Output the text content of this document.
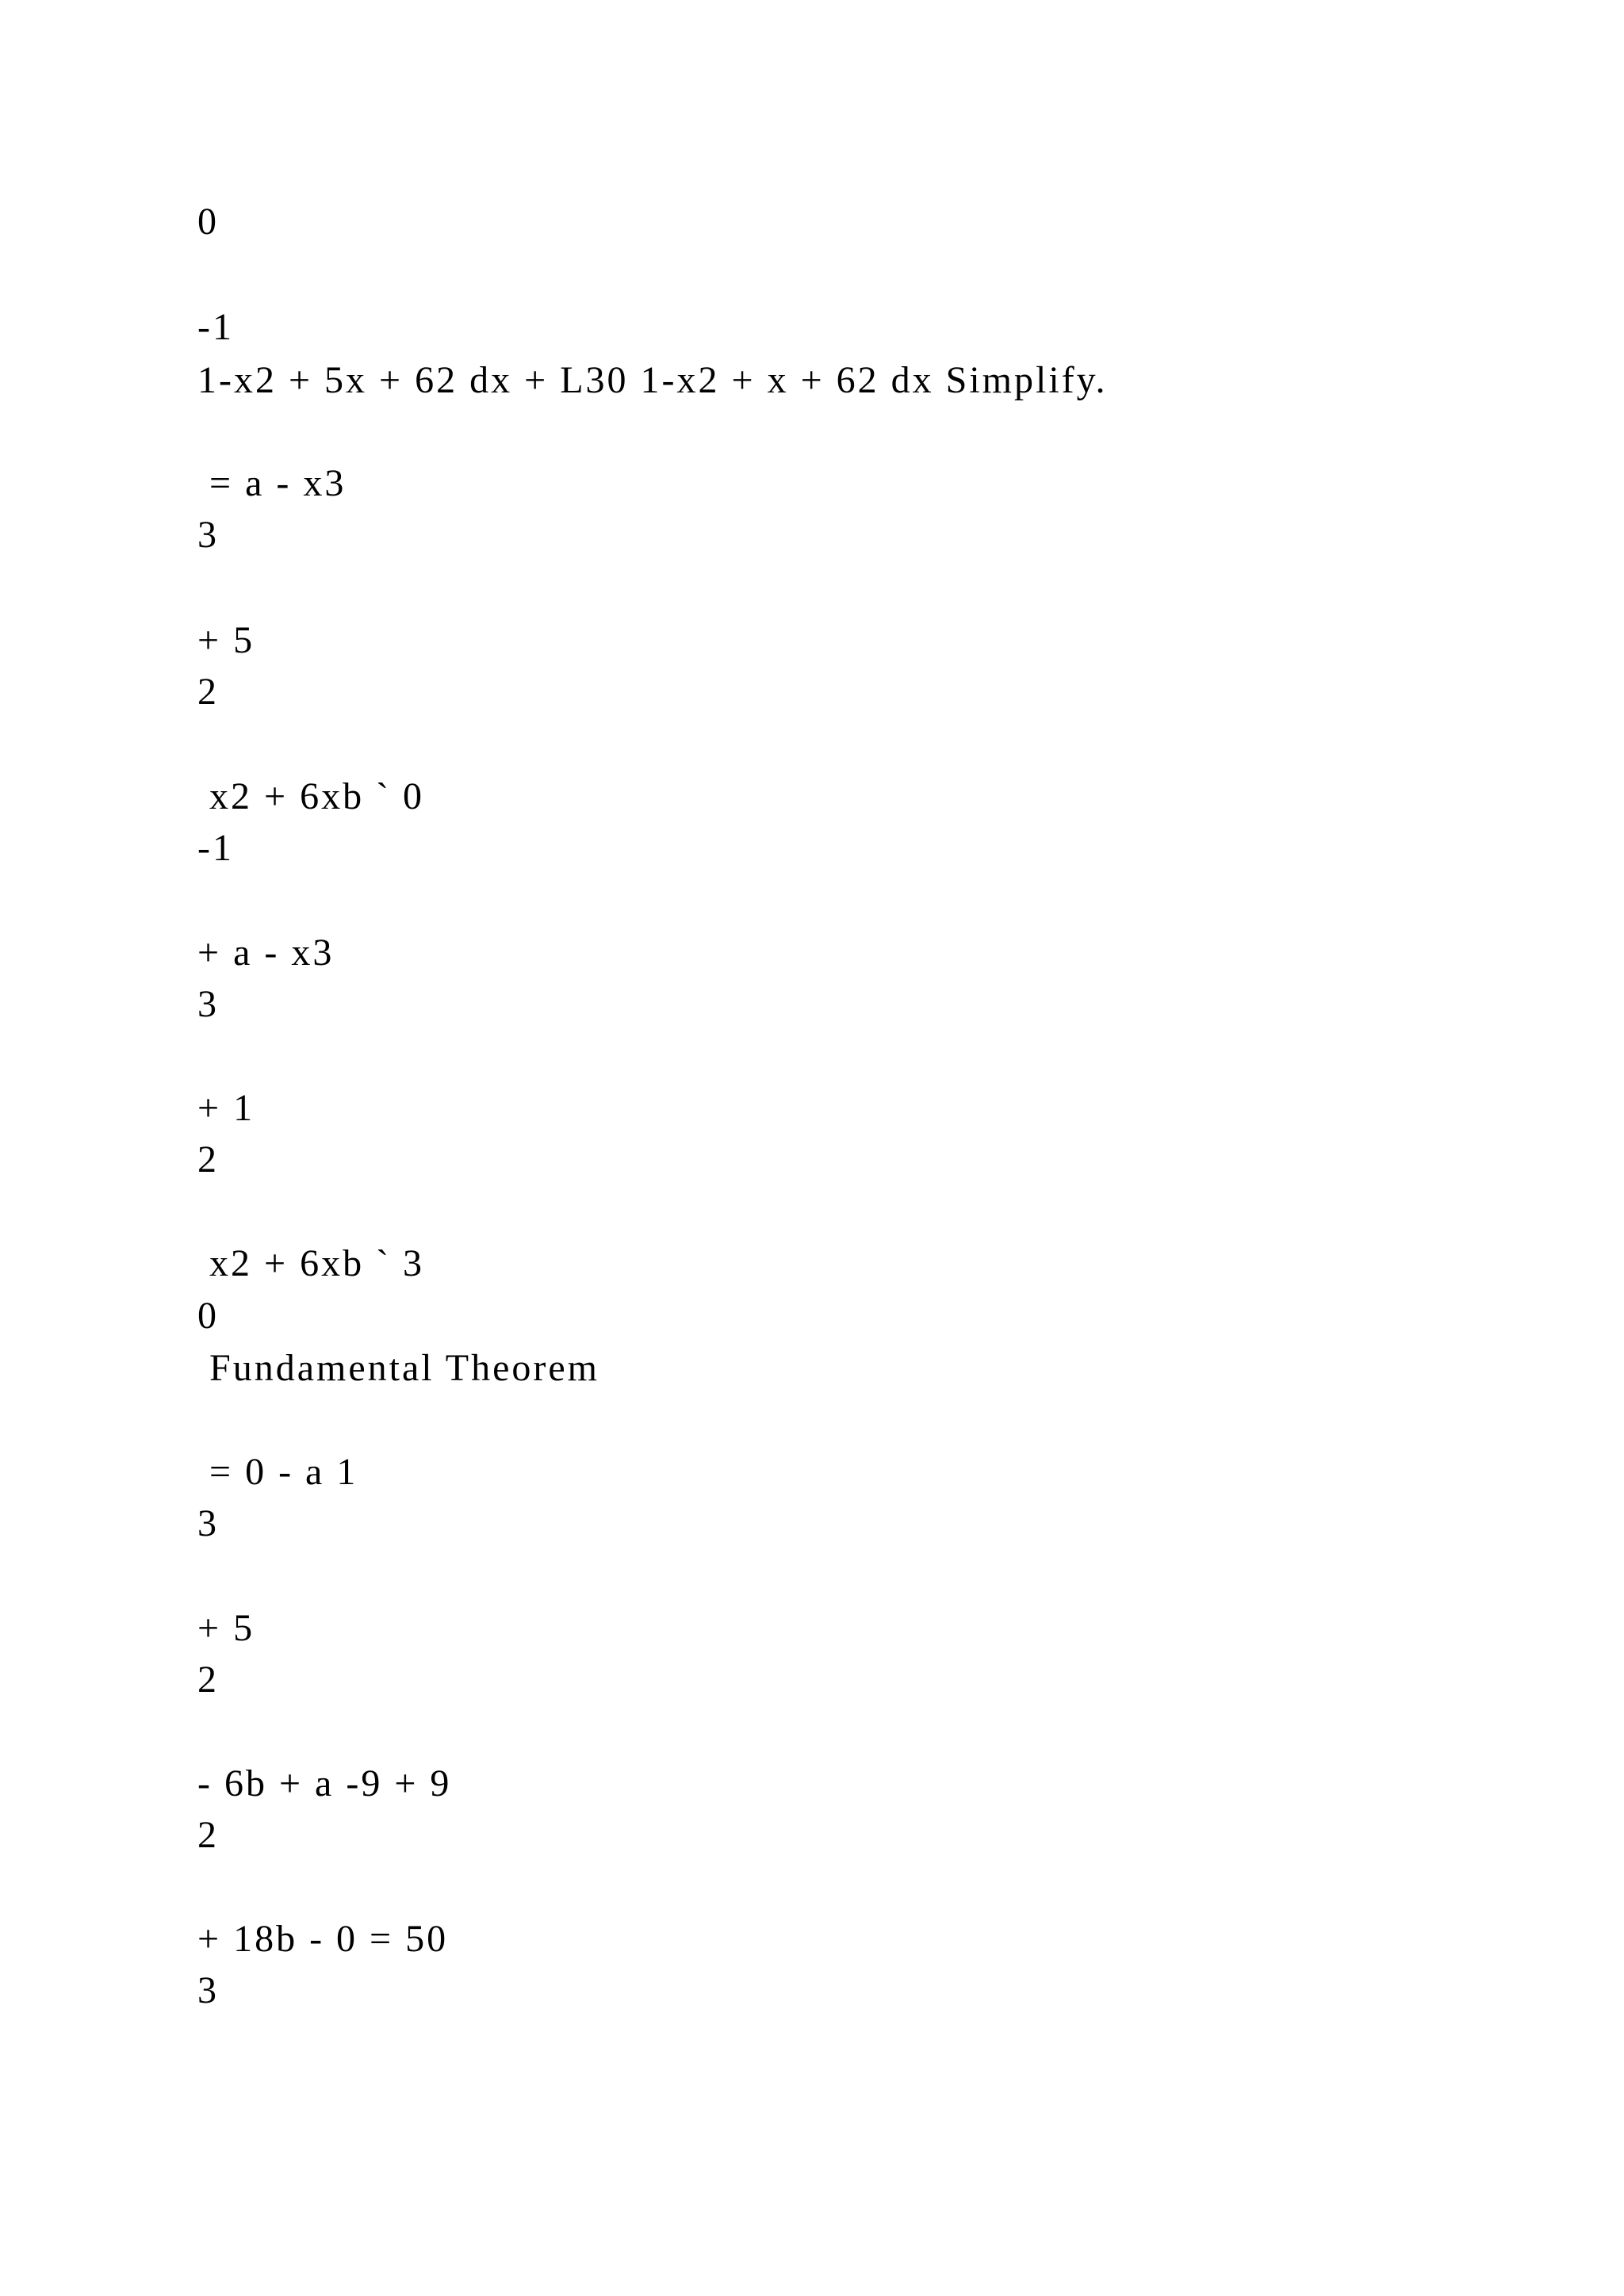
0

-1

1-x2 + 5x + 62 dx + L30 1-x2 + x + 62 dx Simplify.

= a - x3

3

+ 5

2

x2 + 6xb ` 0

-1

+ a - x3

3

+ 1

2

x2 + 6xb ` 3

0

Fundamental Theorem

= 0 - a 1

3

+ 5

2

- 6b + a -9 + 9

2

+ 18b - 0 = 50

3
